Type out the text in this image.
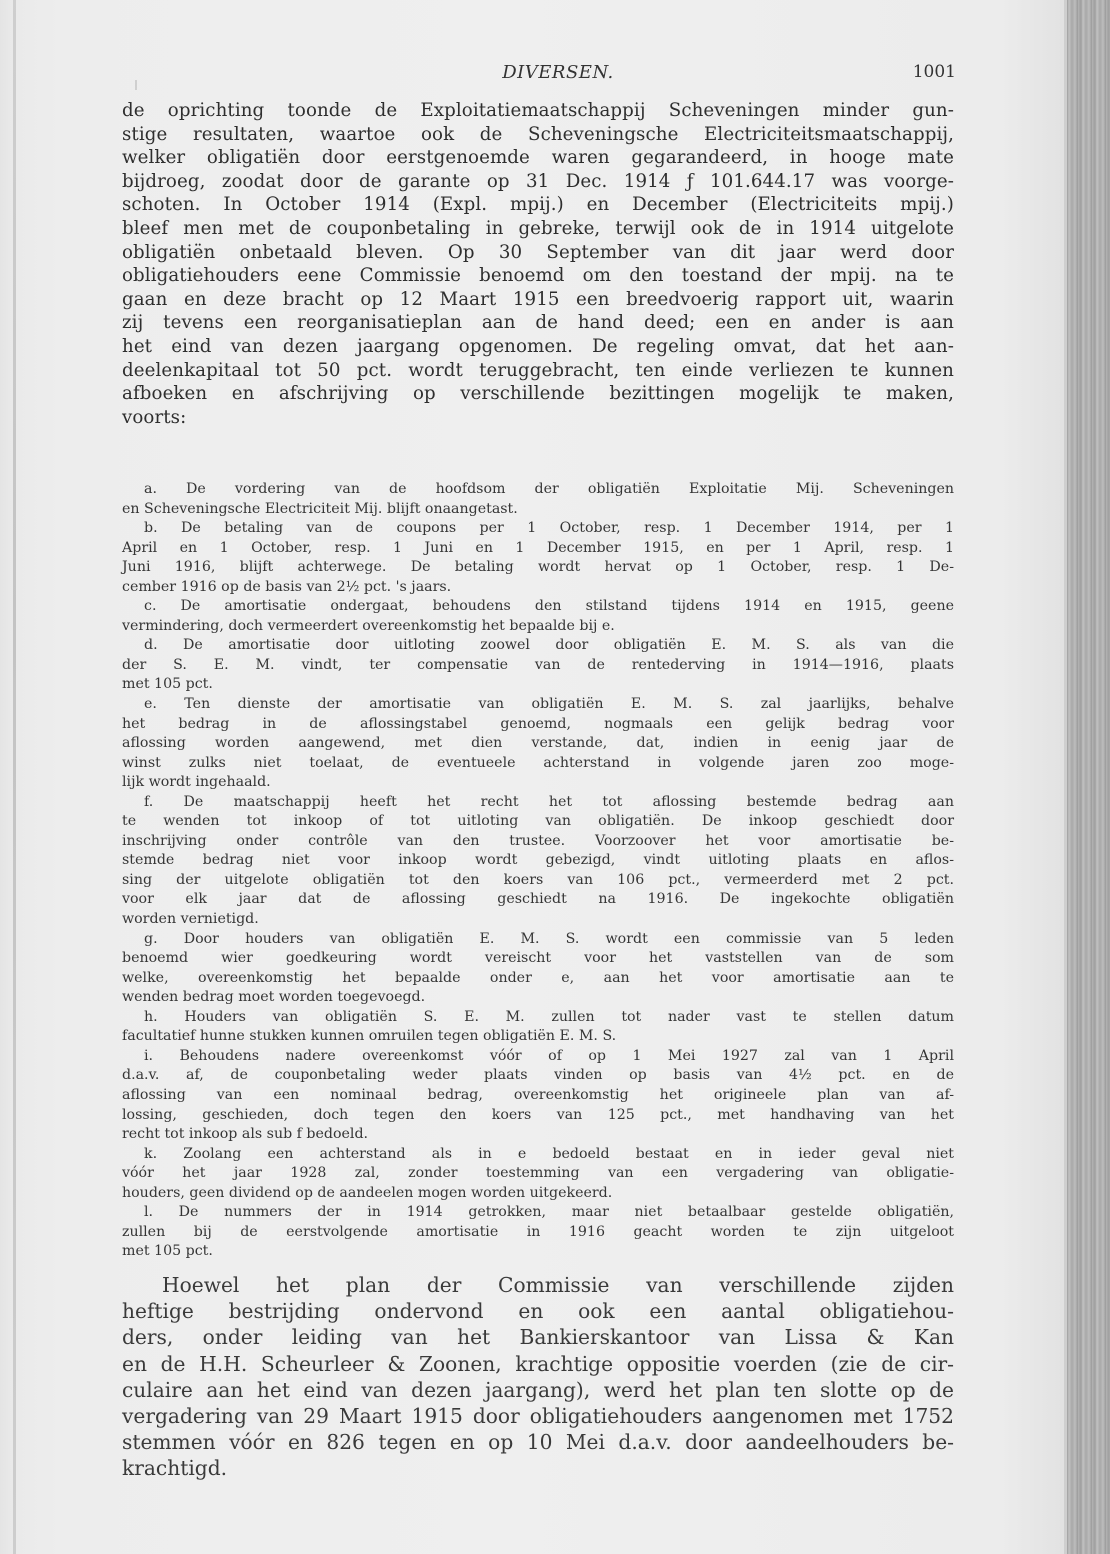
DIVERSEN.	1001
de oprichting toonde de Exploitatiemaatschappij Scheveningen minder gun-
stige resultaten, waartoe ook de Scheveningsche Electriciteitsmaatschappij,
welker obligatiën door eerstgenoemde waren gegarandeerd, in hooge mate
bijdroeg, zoodat door de garante op 31 Dec. 1914 ƒ 101.644.17 was voorge-
schoten. In October 1914 (Expl. mpij.) en December (Electriciteits mpij.)
bleef men met de couponbetaling in gebreke, terwijl ook de in 1914 uitgelote
obligatiën onbetaald bleven. Op 30 September van dit jaar werd door
obligatiehouders eene Commissie benoemd om den toestand der mpij. na te
gaan en deze bracht op 12 Maart 1915 een breedvoerig rapport uit, waarin
zij tevens een reorganisatieplan aan de hand deed; een en ander is aan
het eind van dezen jaargang opgenomen. De regeling omvat, dat het aan-
deelenkapitaal tot 50 pct. wordt teruggebracht, ten einde verliezen te kunnen
afboeken en afschrijving op verschillende bezittingen mogelijk te maken,
voorts:
a. De vordering van de hoofdsom der obligatiën Exploitatie Mij. Scheveningen
en Scheveningsche Electriciteit Mij. blijft onaangetast.
b. De betaling van de coupons per 1 October, resp. 1 December 1914, per 1
April en 1 October, resp. 1 Juni en 1 December 1915, en per 1 April, resp. 1
Juni 1916, blijft achterwege. De betaling wordt hervat op 1 October, resp. 1 De-
cember 1916 op de basis van 2½ pct. 's jaars.
c. De amortisatie ondergaat, behoudens den stilstand tijdens 1914 en 1915, geene
vermindering, doch vermeerdert overeenkomstig het bepaalde bij e.
d. De amortisatie door uitloting zoowel door obligatiën E. M. S. als van die
der S. E. M. vindt, ter compensatie van de rentederving in 1914—1916, plaats
met 105 pct.
e. Ten dienste der amortisatie van obligatiën E. M. S. zal jaarlijks, behalve
het bedrag in de aflossingstabel genoemd, nogmaals een gelijk bedrag voor
aflossing worden aangewend, met dien verstande, dat, indien in eenig jaar de
winst zulks niet toelaat, de eventueele achterstand in volgende jaren zoo moge-
lijk wordt ingehaald.
f. De maatschappij heeft het recht het tot aflossing bestemde bedrag aan
te wenden tot inkoop of tot uitloting van obligatiën. De inkoop geschiedt door
inschrijving onder contrôle van den trustee. Voorzoover het voor amortisatie be-
stemde bedrag niet voor inkoop wordt gebezigd, vindt uitloting plaats en aflos-
sing der uitgelote obligatiën tot den koers van 106 pct., vermeerderd met 2 pct.
voor elk jaar dat de aflossing geschiedt na 1916. De ingekochte obligatiën
worden vernietigd.
g. Door houders van obligatiën E. M. S. wordt een commissie van 5 leden
benoemd wier goedkeuring wordt vereischt voor het vaststellen van de som
welke, overeenkomstig het bepaalde onder e, aan het voor amortisatie aan te
wenden bedrag moet worden toegevoegd.
h. Houders van obligatiën S. E. M. zullen tot nader vast te stellen datum
facultatief hunne stukken kunnen omruilen tegen obligatiën E. M. S.
i. Behoudens nadere overeenkomst vóór of op 1 Mei 1927 zal van 1 April
d.a.v. af, de couponbetaling weder plaats vinden op basis van 4½ pct. en de
aflossing van een nominaal bedrag, overeenkomstig het origineele plan van af-
lossing, geschieden, doch tegen den koers van 125 pct., met handhaving van het
recht tot inkoop als sub f bedoeld.
k. Zoolang een achterstand als in e bedoeld bestaat en in ieder geval niet
vóór het jaar 1928 zal, zonder toestemming van een vergadering van obligatie-
houders, geen dividend op de aandeelen mogen worden uitgekeerd.
l. De nummers der in 1914 getrokken, maar niet betaalbaar gestelde obligatiën,
zullen bij de eerstvolgende amortisatie in 1916 geacht worden te zijn uitgeloot
met 105 pct.
Hoewel het plan der Commissie van verschillende zijden
heftige bestrijding ondervond en ook een aantal obligatiehou-
ders, onder leiding van het Bankierskantoor van Lissa & Kan
en de H.H. Scheurleer & Zoonen, krachtige oppositie voerden (zie de cir-
culaire aan het eind van dezen jaargang), werd het plan ten slotte op de
vergadering van 29 Maart 1915 door obligatiehouders aangenomen met 1752
stemmen vóór en 826 tegen en op 10 Mei d.a.v. door aandeelhouders be-
krachtigd.
